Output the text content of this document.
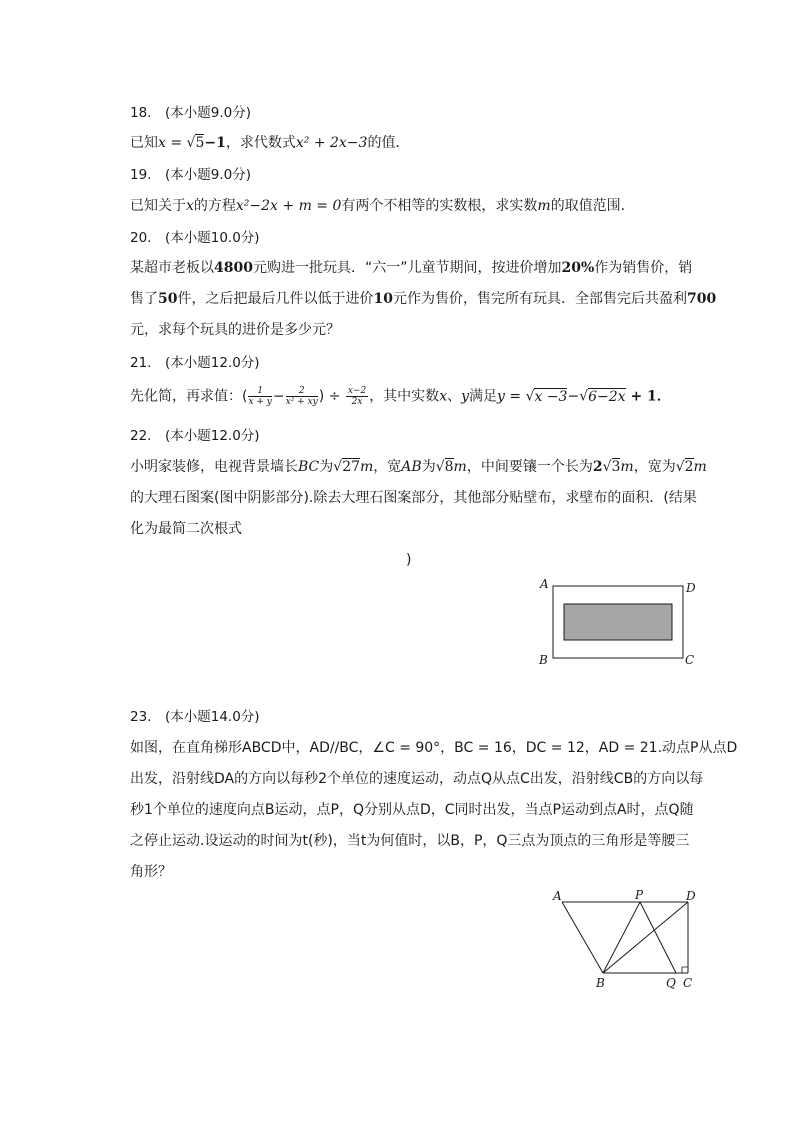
18.　(本小题9.0分)
已知x = √5−1，求代数式x² + 2x−3的值．
19.　(本小题9.0分)
已知关于x的方程x²−2x + m = 0有两个不相等的实数根，求实数m的取值范围．
20.　(本小题10.0分)
某超市老板以4800元购进一批玩具．“六一”儿童节期间，按进价增加20%作为销售价，销
售了50件，之后把最后几件以低于进价10元作为售价，售完所有玩具．全部售完后共盈利700
元，求每个玩具的进价是多少元？
21.　(本小题12.0分)
先化简，再求值：( $\frac{1}{x + y} - \frac{2}{\text{x² + xy}}$ ) ÷ $\frac{x-2}{2x}$ ，其中实数x、y满足y = √x −3−√6−2x + 1．
22.　(本小题12.0分)
小明家装修，电视背景墙长BC为√27m，宽AB为√8m，中间要镶一个长为2√3m，宽为√2m
的大理石图案(图中阴影部分).除去大理石图案部分，其他部分贴壁布，求壁布的面积．(结果
化为最简二次根式
)
A	D
B	C
23.　(本小题14.0分)
如图，在直角梯形ABCD中，AD//BC，∠C = 90°，BC = 16，DC = 12，AD = 21.动点P从点D
出发，沿射线DA的方向以每秒2个单位的速度运动，动点Q从点C出发，沿射线CB的方向以每
秒1个单位的速度向点B运动，点P，Q分别从点D，C同时出发，当点P运动到点A时，点Q随
之停止运动.设运动的时间为t(秒)，当t为何值时，以B，P，Q三点为顶点的三角形是等腰三
角形？
A	P	D
B	Q C
